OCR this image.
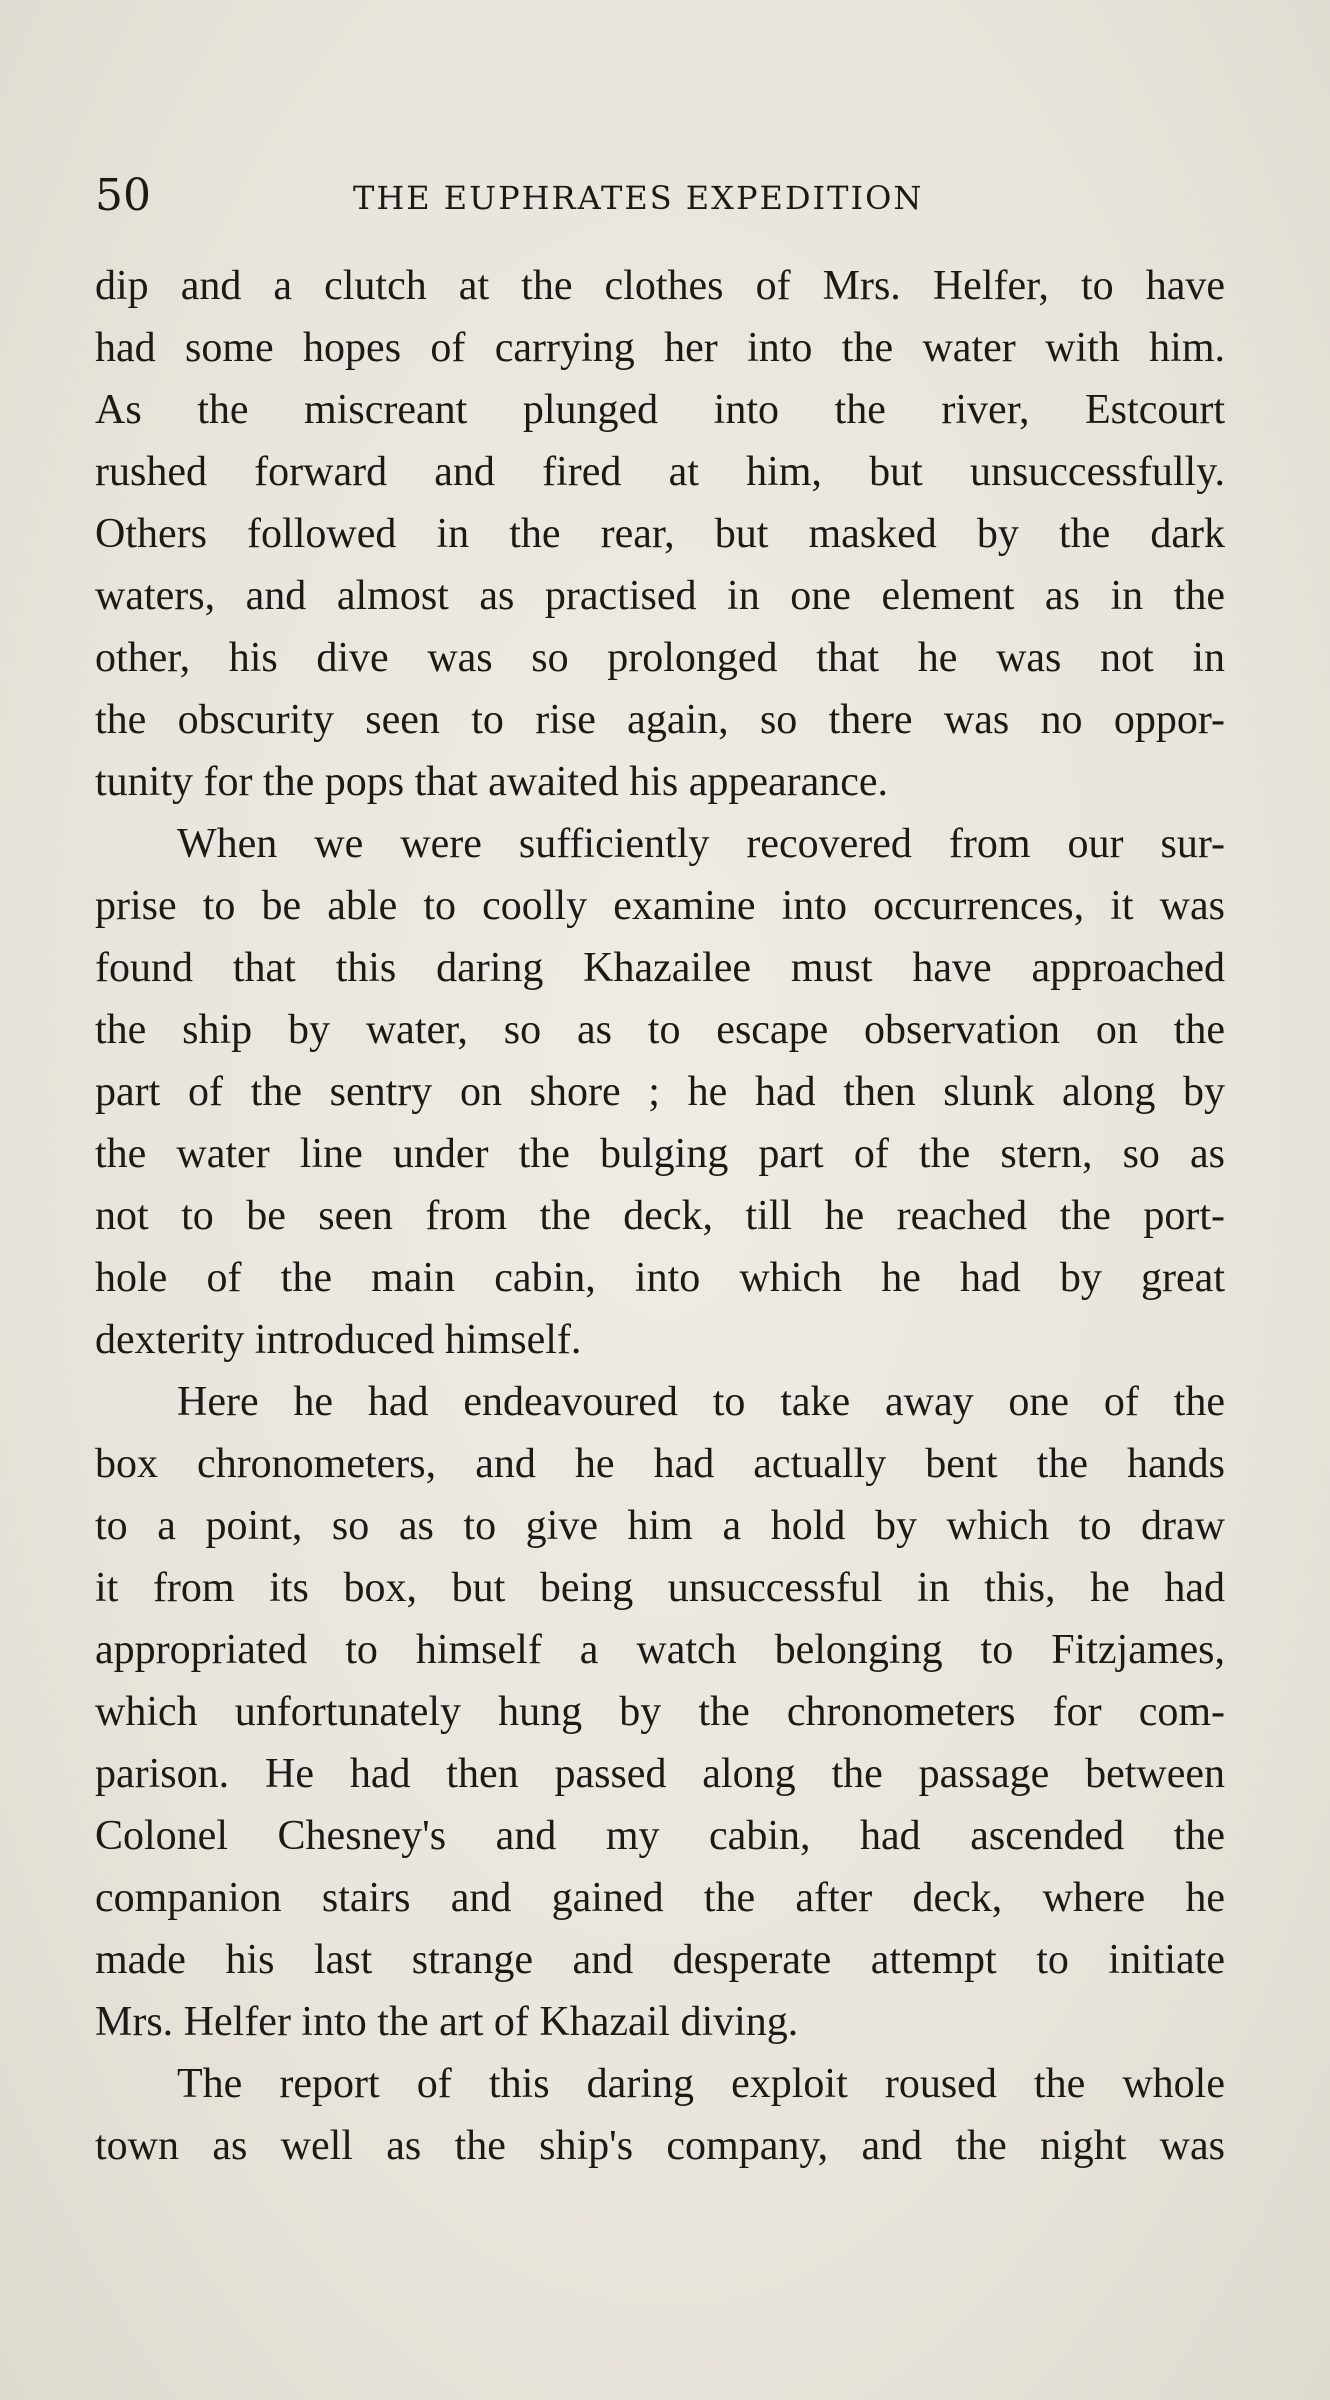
50	THE EUPHRATES EXPEDITION
dip and a clutch at the clothes of Mrs. Helfer, to have
had some hopes of carrying her into the water with him.
As the miscreant plunged into the river, Estcourt
rushed forward and fired at him, but unsuccessfully.
Others followed in the rear, but masked by the dark
waters, and almost as practised in one element as in the
other, his dive was so prolonged that he was not in
the obscurity seen to rise again, so there was no oppor-
tunity for the pops that awaited his appearance.
When we were sufficiently recovered from our sur-
prise to be able to coolly examine into occurrences, it was
found that this daring Khazailee must have approached
the ship by water, so as to escape observation on the
part of the sentry on shore ; he had then slunk along by
the water line under the bulging part of the stern, so as
not to be seen from the deck, till he reached the port-
hole of the main cabin, into which he had by great
dexterity introduced himself.
Here he had endeavoured to take away one of the
box chronometers, and he had actually bent the hands
to a point, so as to give him a hold by which to draw
it from its box, but being unsuccessful in this, he had
appropriated to himself a watch belonging to Fitzjames,
which unfortunately hung by the chronometers for com-
parison. He had then passed along the passage between
Colonel Chesney's and my cabin, had ascended the
companion stairs and gained the after deck, where he
made his last strange and desperate attempt to initiate
Mrs. Helfer into the art of Khazail diving.
The report of this daring exploit roused the whole
town as well as the ship's company, and the night was
